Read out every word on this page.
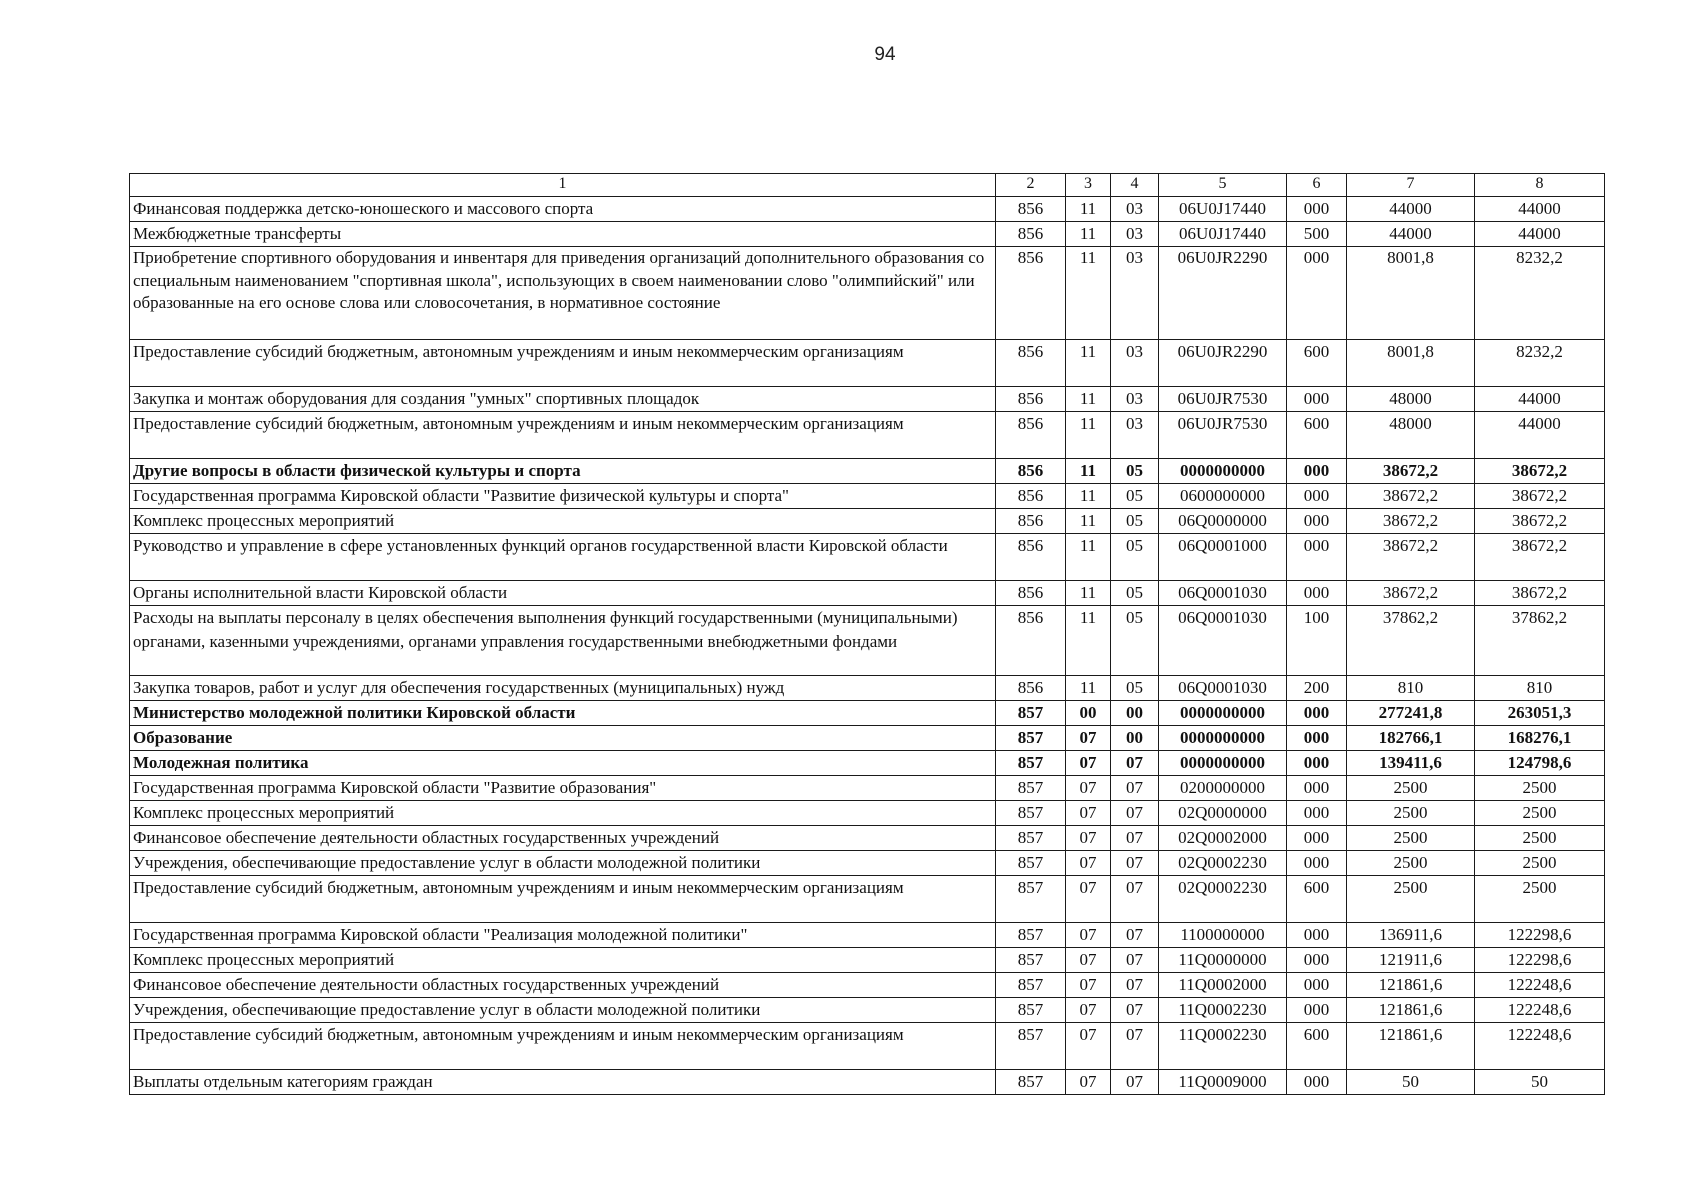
94
1	2	3	4	5	6	7	8
Финансовая поддержка детско-юношеского и массового спорта	856	11	03	06U0J17440	000	44000	44000
Межбюджетные трансферты	856	11	03	06U0J17440	500	44000	44000
Приобретение спортивного оборудования и инвентаря для приведения организаций дополнительного образования со специальным наименованием "спортивная школа", использующих в своем наименовании слово "олимпийский" или образованные на его основе слова или словосочетания, в нормативное состояние	856	11	03	06U0JR2290	000	8001,8	8232,2
Предоставление субсидий бюджетным, автономным учреждениям и иным некоммерческим организациям	856	11	03	06U0JR2290	600	8001,8	8232,2
Закупка и монтаж оборудования для создания "умных" спортивных площадок	856	11	03	06U0JR7530	000	48000	44000
Предоставление субсидий бюджетным, автономным учреждениям и иным некоммерческим организациям	856	11	03	06U0JR7530	600	48000	44000
Другие вопросы в области физической культуры и спорта	856	11	05	0000000000	000	38672,2	38672,2
Государственная программа Кировской области "Развитие физической культуры и спорта"	856	11	05	0600000000	000	38672,2	38672,2
Комплекс процессных мероприятий	856	11	05	06Q0000000	000	38672,2	38672,2
Руководство и управление в сфере установленных функций органов государственной власти Кировской области	856	11	05	06Q0001000	000	38672,2	38672,2
Органы исполнительной власти Кировской области	856	11	05	06Q0001030	000	38672,2	38672,2
Расходы на выплаты персоналу в целях обеспечения выполнения функций государственными (муниципальными) органами, казенными учреждениями, органами управления государственными внебюджетными фондами	856	11	05	06Q0001030	100	37862,2	37862,2
Закупка товаров, работ и услуг для обеспечения государственных (муниципальных) нужд	856	11	05	06Q0001030	200	810	810
Министерство молодежной политики Кировской области	857	00	00	0000000000	000	277241,8	263051,3
Образование	857	07	00	0000000000	000	182766,1	168276,1
Молодежная политика	857	07	07	0000000000	000	139411,6	124798,6
Государственная программа Кировской области "Развитие образования"	857	07	07	0200000000	000	2500	2500
Комплекс процессных мероприятий	857	07	07	02Q0000000	000	2500	2500
Финансовое обеспечение деятельности областных государственных учреждений	857	07	07	02Q0002000	000	2500	2500
Учреждения, обеспечивающие предоставление услуг в области молодежной политики	857	07	07	02Q0002230	000	2500	2500
Предоставление субсидий бюджетным, автономным учреждениям и иным некоммерческим организациям	857	07	07	02Q0002230	600	2500	2500
Государственная программа Кировской области "Реализация молодежной политики"	857	07	07	1100000000	000	136911,6	122298,6
Комплекс процессных мероприятий	857	07	07	11Q0000000	000	121911,6	122298,6
Финансовое обеспечение деятельности областных государственных учреждений	857	07	07	11Q0002000	000	121861,6	122248,6
Учреждения, обеспечивающие предоставление услуг в области молодежной политики	857	07	07	11Q0002230	000	121861,6	122248,6
Предоставление субсидий бюджетным, автономным учреждениям и иным некоммерческим организациям	857	07	07	11Q0002230	600	121861,6	122248,6
Выплаты отдельным категориям граждан	857	07	07	11Q0009000	000	50	50
